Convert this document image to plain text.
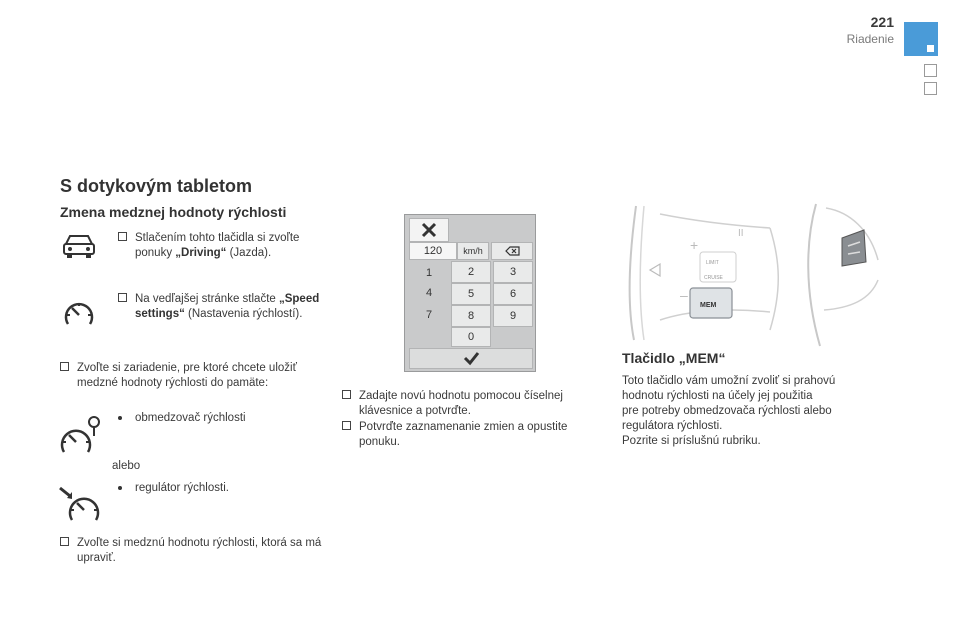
221
Riadenie
S dotykovým tabletom
Zmena medznej hodnoty rýchlosti
Stlačením tohto tlačidla si zvoľte ponuky „Driving“ (Jazda).
Na vedľajšej stránke stlačte „Speed settings“ (Nastavenia rýchlostí).
Zvoľte si zariadenie, pre ktoré chcete uložiť medzné hodnoty rýchlosti do pamäte:
obmedzovač rýchlosti
alebo
regulátor rýchlosti.
Zvoľte si medznú hodnotu rýchlosti, ktorá sa má upraviť.
120	km/h
1	2	3
4	5	6
7	8	9
0
Zadajte novú hodnotu pomocou číselnej klávesnice a potvrďte.
Potvrďte zaznamenanie zmien a opustite ponuku.
+
II
–
LIMIT
CRUISE
MEM
Tlačidlo „MEM“
Toto tlačidlo vám umožní zvoliť si prahovú
hodnotu rýchlosti na účely jej použitia
pre potreby obmedzovača rýchlosti alebo
regulátora rýchlosti.
Pozrite si príslušnú rubriku.
